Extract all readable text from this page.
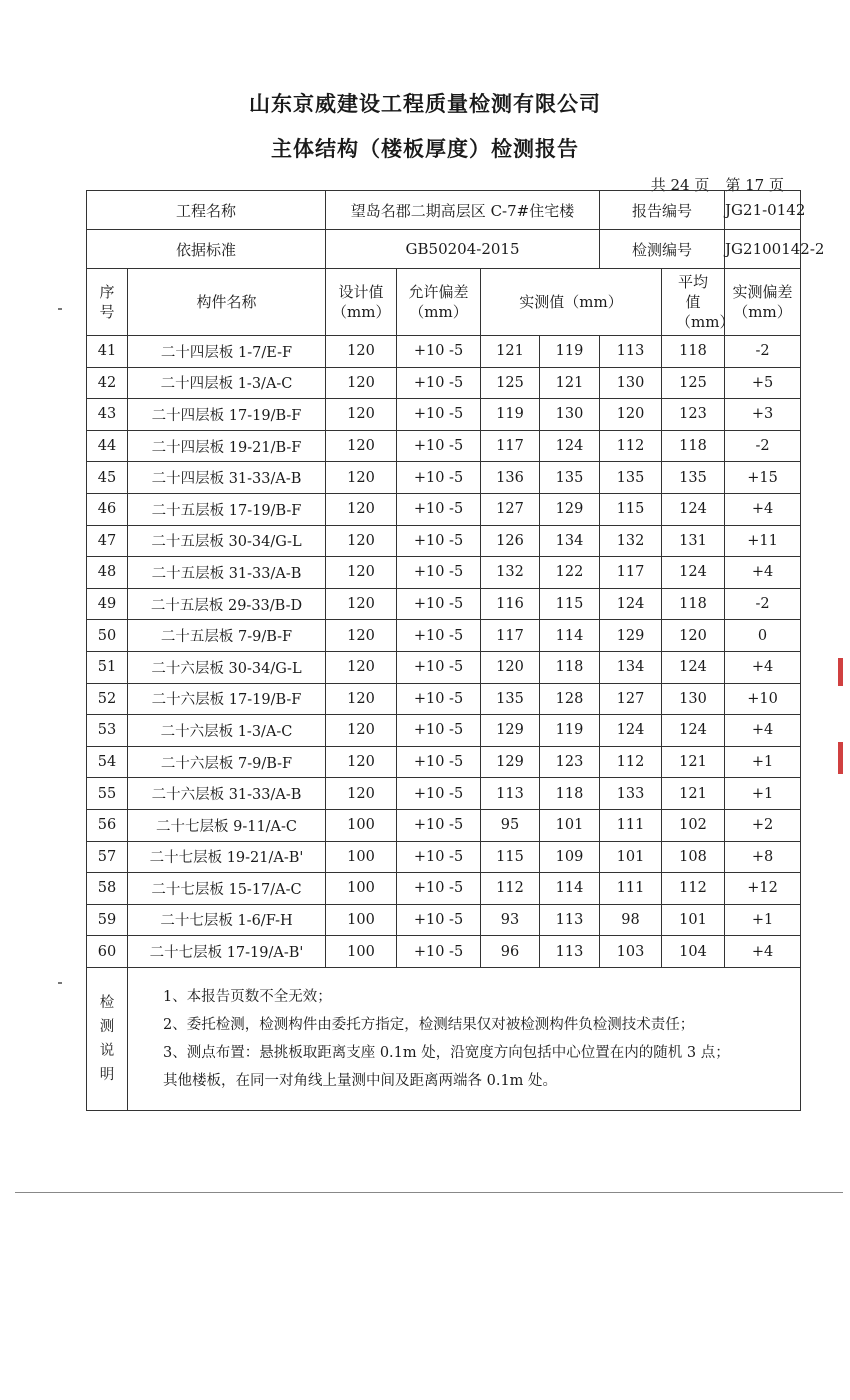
山东京威建设工程质量检测有限公司
主体结构（楼板厚度）检测报告
共 24 页 第 17 页
工程名称		望岛名郡二期高层区 C-7#住宅楼				报告编号		JG21-0142
依据标准		GB50204-2015				检测编号		JG2100142-2
序号	构件名称	设计值（mm）	允许偏差（mm）	实测值（mm）			平均值（mm）	实测偏差（mm）
41	二十四层板 1-7/E-F	120	+10 -5	121	119	113	118	-2
42	二十四层板 1-3/A-C	120	+10 -5	125	121	130	125	+5
43	二十四层板 17-19/B-F	120	+10 -5	119	130	120	123	+3
44	二十四层板 19-21/B-F	120	+10 -5	117	124	112	118	-2
45	二十四层板 31-33/A-B	120	+10 -5	136	135	135	135	+15
46	二十五层板 17-19/B-F	120	+10 -5	127	129	115	124	+4
47	二十五层板 30-34/G-L	120	+10 -5	126	134	132	131	+11
48	二十五层板 31-33/A-B	120	+10 -5	132	122	117	124	+4
49	二十五层板 29-33/B-D	120	+10 -5	116	115	124	118	-2
50	二十五层板 7-9/B-F	120	+10 -5	117	114	129	120	0
51	二十六层板 30-34/G-L	120	+10 -5	120	118	134	124	+4
52	二十六层板 17-19/B-F	120	+10 -5	135	128	127	130	+10
53	二十六层板 1-3/A-C	120	+10 -5	129	119	124	124	+4
54	二十六层板 7-9/B-F	120	+10 -5	129	123	112	121	+1
55	二十六层板 31-33/A-B	120	+10 -5	113	118	133	121	+1
56	二十七层板 9-11/A-C	100	+10 -5	95	101	111	102	+2
57	二十七层板 19-21/A-B'	100	+10 -5	115	109	101	108	+8
58	二十七层板 15-17/A-C	100	+10 -5	112	114	111	112	+12
59	二十七层板 1-6/F-H	100	+10 -5	93	113	98	101	+1
60	二十七层板 17-19/A-B'	100	+10 -5	96	113	103	104	+4
检测说明	1、本报告页数不全无效；
2、委托检测，检测构件由委托方指定，检测结果仅对被检测构件负检测技术责任；
3、测点布置：悬挑板取距离支座 0.1m 处，沿宽度方向包括中心位置在内的随机 3 点；
其他楼板，在同一对角线上量测中间及距离两端各 0.1m 处。							
